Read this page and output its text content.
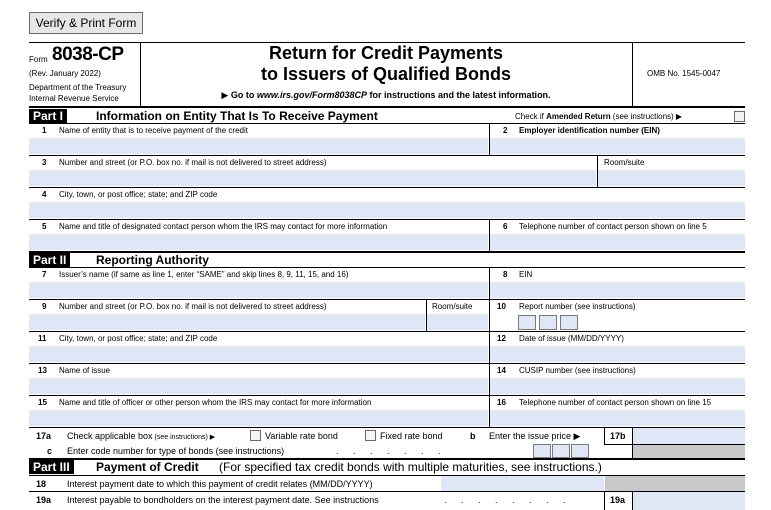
Verify & Print Form
Form 8038-CP
(Rev. January 2022)
Department of the Treasury
Internal Revenue Service
Return for Credit Payments
to Issuers of Qualified Bonds
▶ Go to www.irs.gov/Form8038CP for instructions and the latest information.
OMB No. 1545-0047
Part I	Information on Entity That Is To Receive Payment	Check if Amended Return (see instructions) ▶
1 Name of entity that is to receive payment of the credit	2 Employer identification number (EIN)
3 Number and street (or P.O. box no. if mail is not delivered to street address)	Room/suite
4 City, town, or post office; state; and ZIP code
5 Name and title of designated contact person whom the IRS may contact for more information	6 Telephone number of contact person shown on line 5
Part II	Reporting Authority
7 Issuer’s name (if same as line 1, enter “SAME” and skip lines 8, 9, 11, 15, and 16)	8 EIN
9 Number and street (or P.O. box no. if mail is not delivered to street address)	Room/suite	10 Report number (see instructions)
11 City, town, or post office; state; and ZIP code	12 Date of issue (MM/DD/YYYY)
13 Name of issue	14 CUSIP number (see instructions)
15 Name and title of officer or other person whom the IRS may contact for more information	16 Telephone number of contact person shown on line 15
17a Check applicable box (see instructions) ▶	Variable rate bond	Fixed rate bond	b Enter the issue price ▶	17b
c Enter code number for type of bonds (see instructions)	. . . . . . .
Part III	Payment of Credit (For specified tax credit bonds with multiple maturities, see instructions.)
18 Interest payment date to which this payment of credit relates (MM/DD/YYYY)
19a Interest payable to bondholders on the interest payment date. See instructions	. . . . . . . .	19a
